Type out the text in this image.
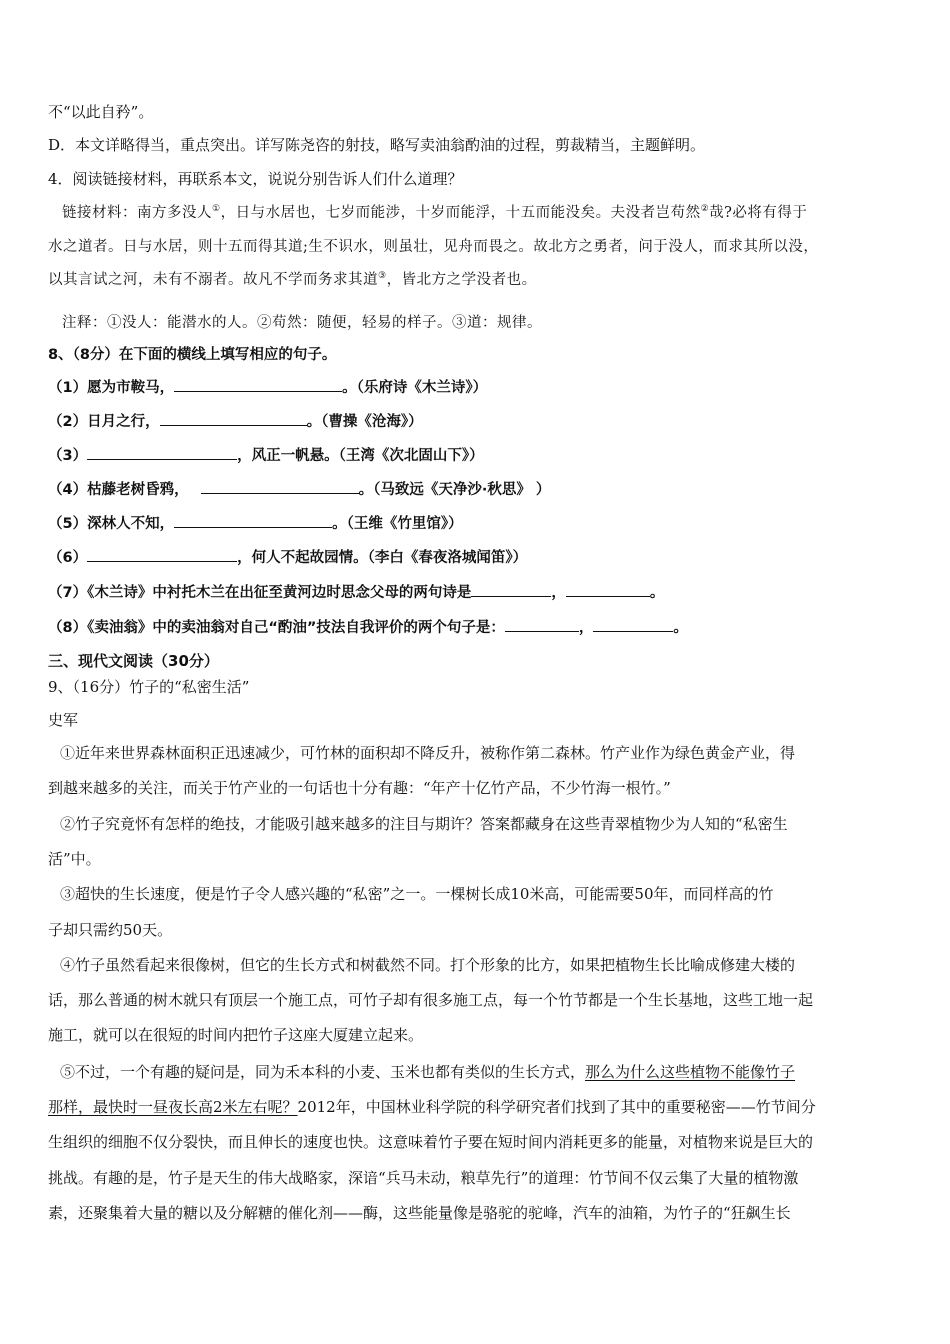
不“以此自矜”。
D．本文详略得当，重点突出。详写陈尧咨的射技，略写卖油翁酌油的过程，剪裁精当，主题鲜明。
4．阅读链接材料，再联系本文，说说分别告诉人们什么道理？
链接材料：南方多没人①，日与水居也，七岁而能涉，十岁而能浮，十五而能没矣。夫没者岂苟然②哉?必将有得于
水之道者。日与水居，则十五而得其道;生不识水，则虽壮，见舟而畏之。故北方之勇者，问于没人，而求其所以没，
以其言试之河，未有不溺者。故凡不学而务求其道③，皆北方之学没者也。
注释：①没人：能潜水的人。②苟然：随便，轻易的样子。③道：规律。
8、（8分）在下面的横线上填写相应的句子。
（1）愿为市鞍马，	。（乐府诗《木兰诗》）
（2）日月之行，	。（曹操《沧海》）
（3）	，风正一帆悬。（王湾《次北固山下》）
（4）枯藤老树昏鸦，	。（马致远《天净沙·秋思》 ）
（5）深林人不知，	。（王维《竹里馆》）
（6）	，何人不起故园情。（李白《春夜洛城闻笛》）
（7）《木兰诗》中衬托木兰在出征至黄河边时思念父母的两句诗是	，	。
（8）《卖油翁》中的卖油翁对自己“酌油”技法自我评价的两个句子是：	，	。
三、现代文阅读（30分）
9、（16分）竹子的“私密生活”
史军
①近年来世界森林面积正迅速减少，可竹林的面积却不降反升，被称作第二森林。竹产业作为绿色黄金产业，得
到越来越多的关注，而关于竹产业的一句话也十分有趣：“年产十亿竹产品，不少竹海一根竹。”
②竹子究竟怀有怎样的绝技，才能吸引越来越多的注目与期许？答案都藏身在这些青翠植物少为人知的“私密生
活”中。
③超快的生长速度，便是竹子令人感兴趣的“私密”之一。一棵树长成10米高，可能需要50年，而同样高的竹
子却只需约50天。
④竹子虽然看起来很像树，但它的生长方式和树截然不同。打个形象的比方，如果把植物生长比喻成修建大楼的
话，那么普通的树木就只有顶层一个施工点，可竹子却有很多施工点，每一个竹节都是一个生长基地，这些工地一起
施工，就可以在很短的时间内把竹子这座大厦建立起来。
⑤不过，一个有趣的疑问是，同为禾本科的小麦、玉米也都有类似的生长方式，那么为什么这些植物不能像竹子
那样，最快时一昼夜长高2米左右呢？2012年，中国林业科学院的科学研究者们找到了其中的重要秘密——竹节间分
生组织的细胞不仅分裂快，而且伸长的速度也快。这意味着竹子要在短时间内消耗更多的能量，对植物来说是巨大的
挑战。有趣的是，竹子是天生的伟大战略家，深谙“兵马未动，粮草先行”的道理：竹节间不仅云集了大量的植物激
素，还聚集着大量的糖以及分解糖的催化剂——酶，这些能量像是骆驼的驼峰，汽车的油箱，为竹子的“狂飙生长
